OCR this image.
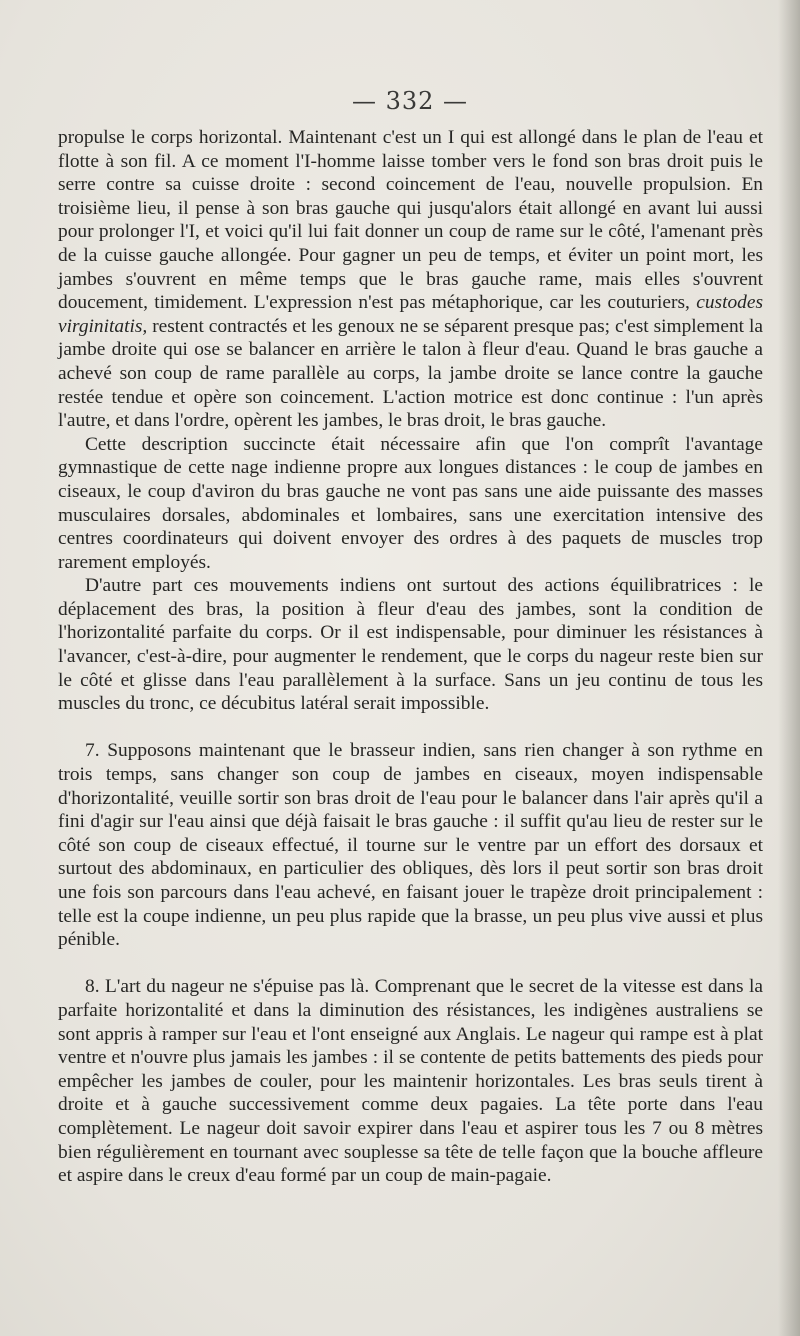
— 332 —

propulse le corps horizontal. Maintenant c'est un I qui est allongé dans le plan de l'eau et flotte à son fil. A ce moment l'I-homme laisse tomber vers le fond son bras droit puis le serre contre sa cuisse droite : second coincement de l'eau, nouvelle propulsion. En troisième lieu, il pense à son bras gauche qui jusqu'alors était allongé en avant lui aussi pour prolonger l'I, et voici qu'il lui fait donner un coup de rame sur le côté, l'amenant près de la cuisse gauche allongée. Pour gagner un peu de temps, et éviter un point mort, les jambes s'ouvrent en même temps que le bras gauche rame, mais elles s'ouvrent doucement, timidement. L'expression n'est pas métaphorique, car les couturiers, custodes virginitatis, restent contractés et les genoux ne se séparent presque pas; c'est simplement la jambe droite qui ose se balancer en arrière le talon à fleur d'eau. Quand le bras gauche a achevé son coup de rame parallèle au corps, la jambe droite se lance contre la gauche restée tendue et opère son coincement. L'action motrice est donc continue : l'un après l'autre, et dans l'ordre, opèrent les jambes, le bras droit, le bras gauche.

Cette description succincte était nécessaire afin que l'on comprît l'avantage gymnastique de cette nage indienne propre aux longues distances : le coup de jambes en ciseaux, le coup d'aviron du bras gauche ne vont pas sans une aide puissante des masses musculaires dorsales, abdominales et lombaires, sans une exercitation intensive des centres coordinateurs qui doivent envoyer des ordres à des paquets de muscles trop rarement employés.

D'autre part ces mouvements indiens ont surtout des actions équilibratrices : le déplacement des bras, la position à fleur d'eau des jambes, sont la condition de l'horizontalité parfaite du corps. Or il est indispensable, pour diminuer les résistances à l'avancer, c'est-à-dire, pour augmenter le rendement, que le corps du nageur reste bien sur le côté et glisse dans l'eau parallèlement à la surface. Sans un jeu continu de tous les muscles du tronc, ce décubitus latéral serait impossible.

7. Supposons maintenant que le brasseur indien, sans rien changer à son rythme en trois temps, sans changer son coup de jambes en ciseaux, moyen indispensable d'horizontalité, veuille sortir son bras droit de l'eau pour le balancer dans l'air après qu'il a fini d'agir sur l'eau ainsi que déjà faisait le bras gauche : il suffit qu'au lieu de rester sur le côté son coup de ciseaux effectué, il tourne sur le ventre par un effort des dorsaux et surtout des abdominaux, en particulier des obliques, dès lors il peut sortir son bras droit une fois son parcours dans l'eau achevé, en faisant jouer le trapèze droit principalement : telle est la coupe indienne, un peu plus rapide que la brasse, un peu plus vive aussi et plus pénible.

8. L'art du nageur ne s'épuise pas là. Comprenant que le secret de la vitesse est dans la parfaite horizontalité et dans la diminution des résistances, les indigènes australiens se sont appris à ramper sur l'eau et l'ont enseigné aux Anglais. Le nageur qui rampe est à plat ventre et n'ouvre plus jamais les jambes : il se contente de petits battements des pieds pour empêcher les jambes de couler, pour les maintenir horizontales. Les bras seuls tirent à droite et à gauche successivement comme deux pagaies. La tête porte dans l'eau complètement. Le nageur doit savoir expirer dans l'eau et aspirer tous les 7 ou 8 mètres bien régulièrement en tournant avec souplesse sa tête de telle façon que la bouche affleure et aspire dans le creux d'eau formé par un coup de main-pagaie.
